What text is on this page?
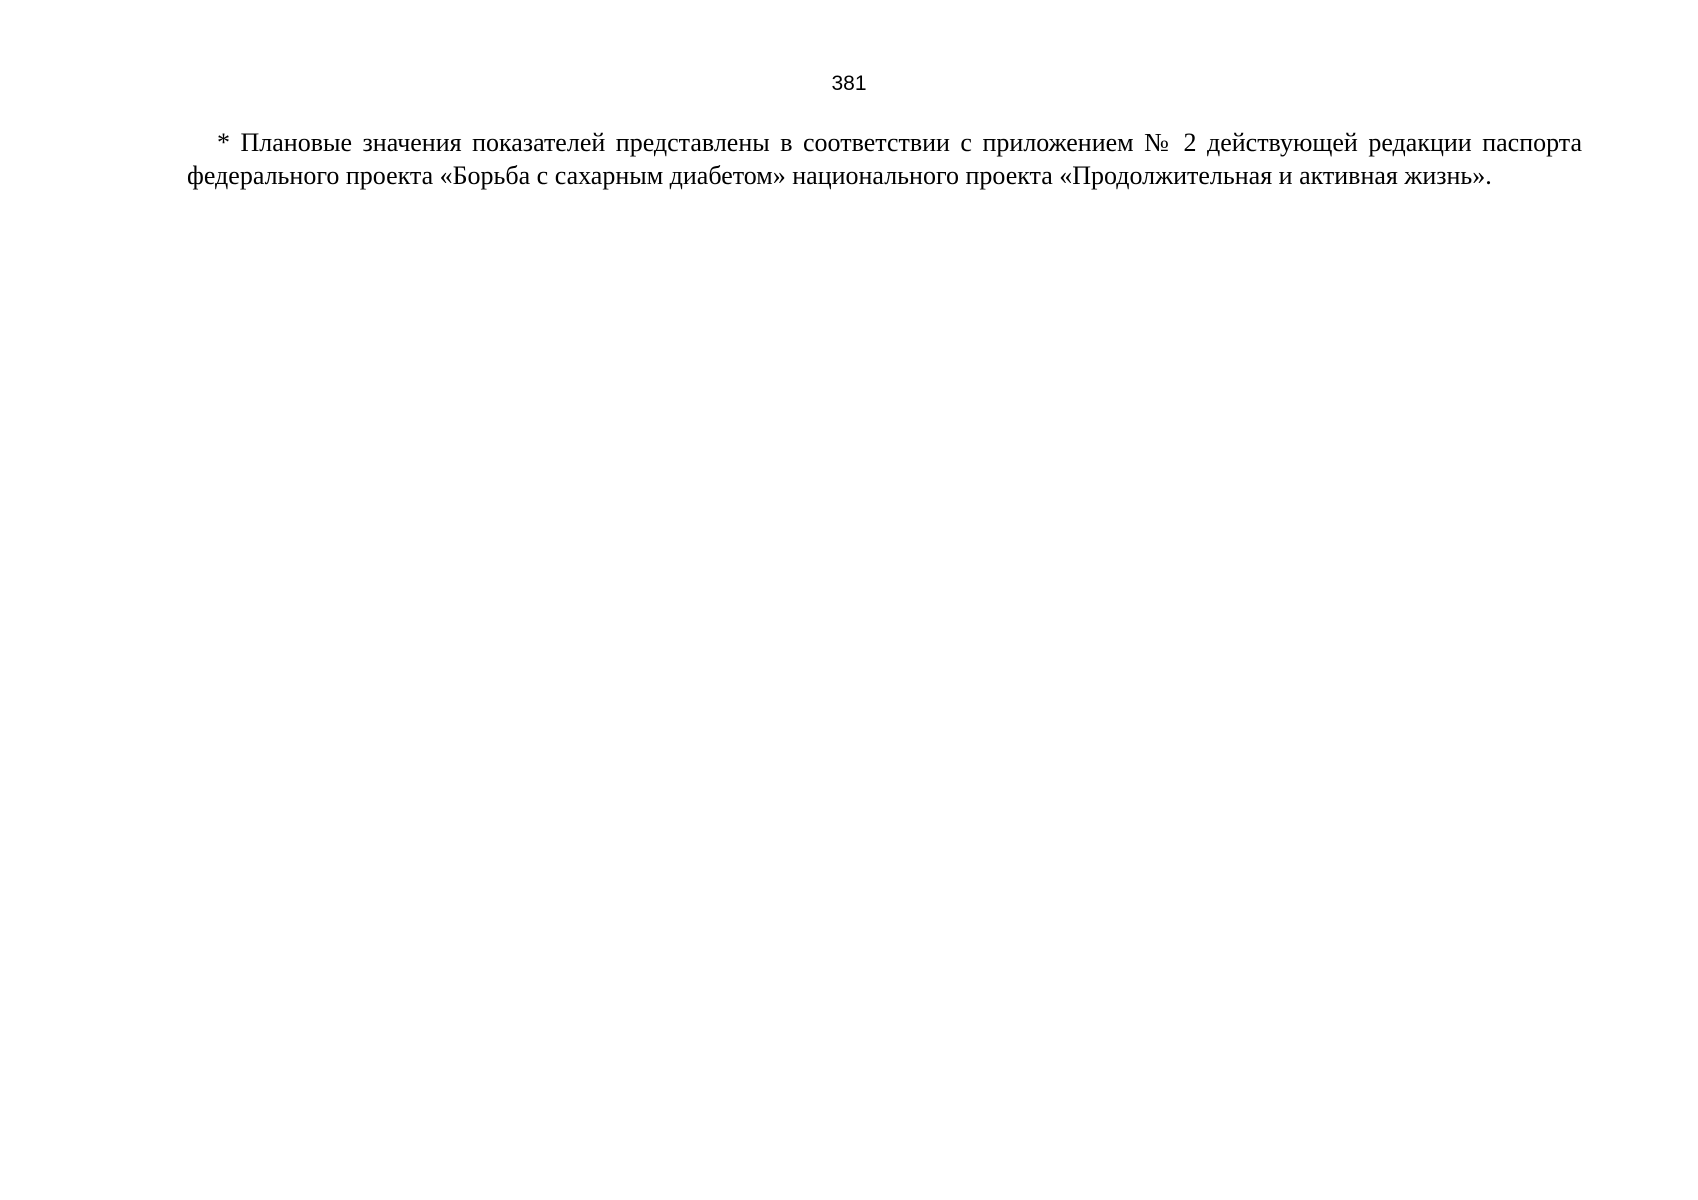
381

* Плановые значения показателей представлены в соответствии с приложением № 2 действующей редакции паспорта федерального проекта «Борьба с сахарным диабетом» национального проекта «Продолжительная и активная жизнь».
